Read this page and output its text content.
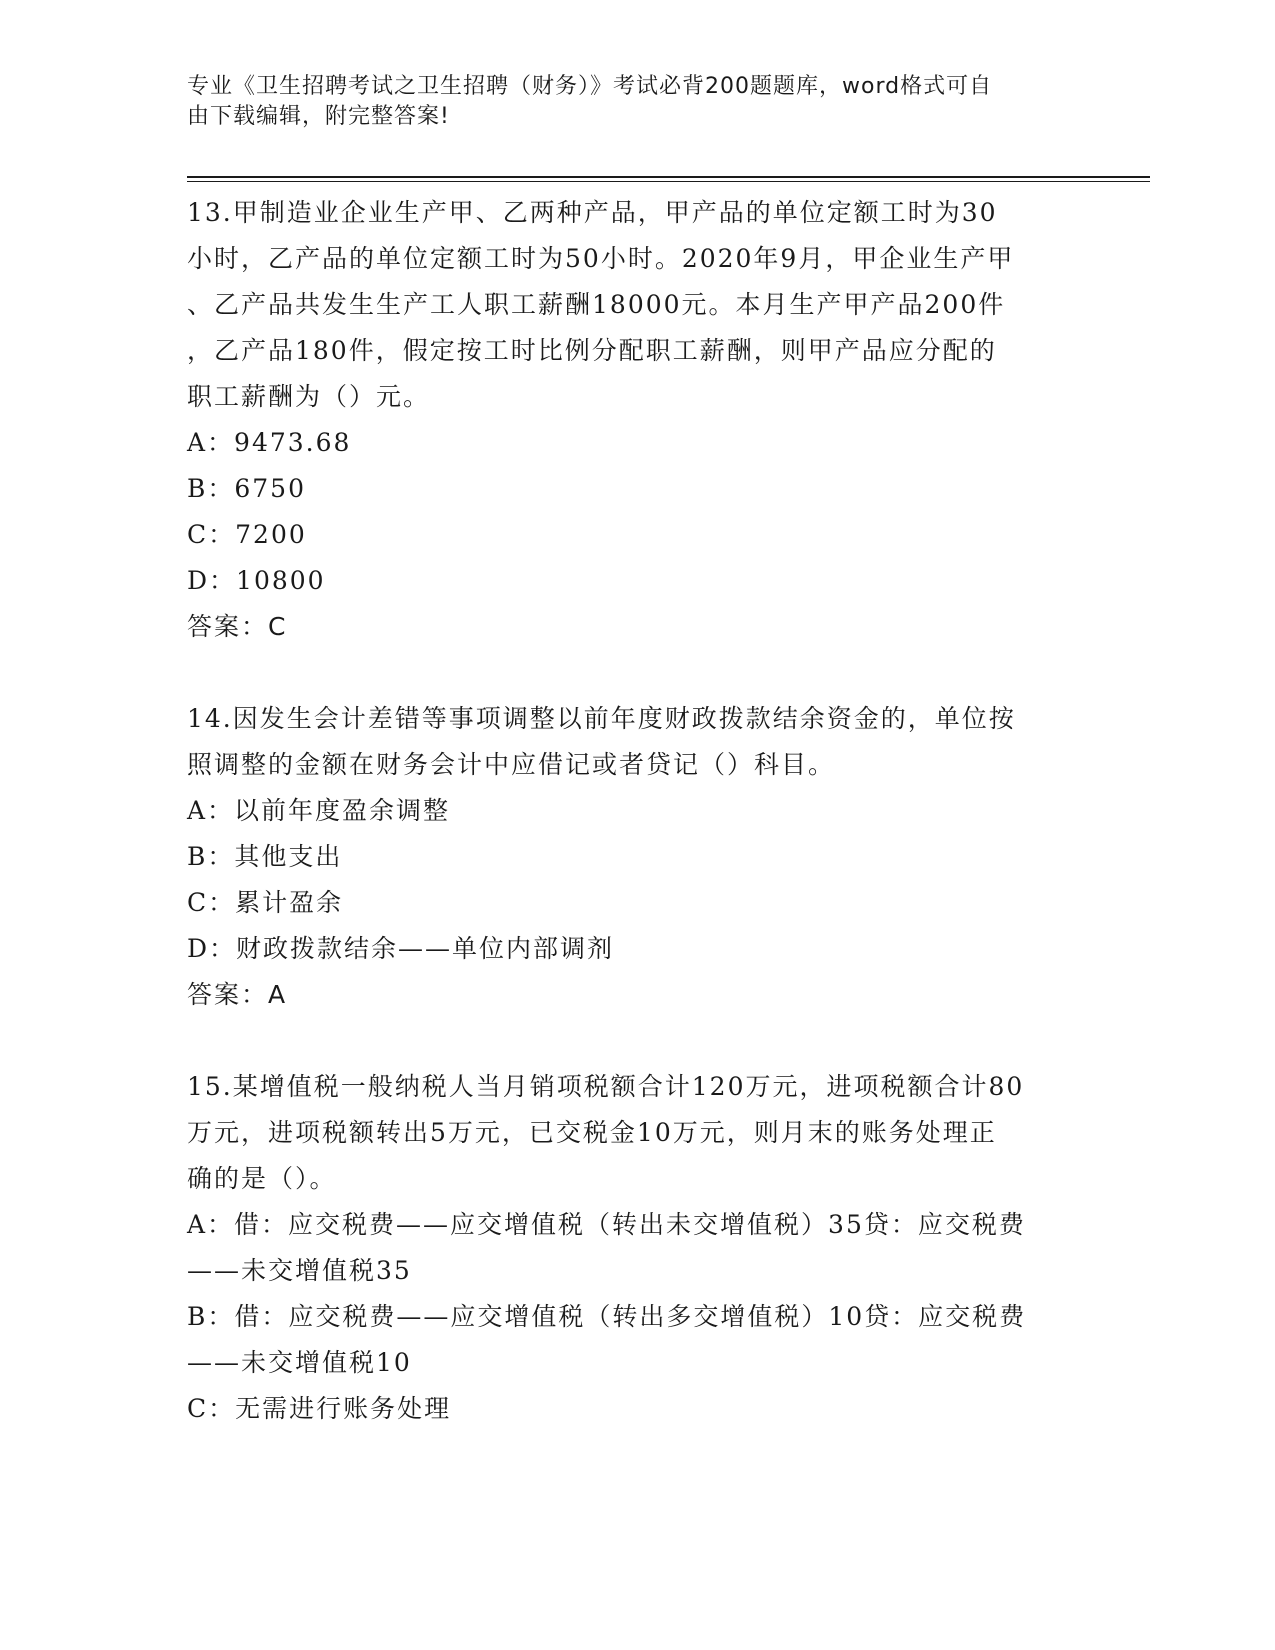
专业《卫生招聘考试之卫生招聘（财务）》考试必背200题题库，word格式可自
由下载编辑，附完整答案!
13.甲制造业企业生产甲、乙两种产品，甲产品的单位定额工时为30
小时，乙产品的单位定额工时为50小时。2020年9月，甲企业生产甲
、乙产品共发生生产工人职工薪酬18000元。本月生产甲产品200件
，乙产品180件，假定按工时比例分配职工薪酬，则甲产品应分配的
职工薪酬为（）元。
A：9473.68
B：6750
C：7200
D：10800
答案：C
14.因发生会计差错等事项调整以前年度财政拨款结余资金的，单位按
照调整的金额在财务会计中应借记或者贷记（）科目。
A：以前年度盈余调整
B：其他支出
C：累计盈余
D：财政拨款结余——单位内部调剂
答案：A
15.某增值税一般纳税人当月销项税额合计120万元，进项税额合计80
万元，进项税额转出5万元，已交税金10万元，则月末的账务处理正
确的是（）。
A：借：应交税费——应交增值税（转出未交增值税）35贷：应交税费
——未交增值税35
B：借：应交税费——应交增值税（转出多交增值税）10贷：应交税费
——未交增值税10
C：无需进行账务处理
